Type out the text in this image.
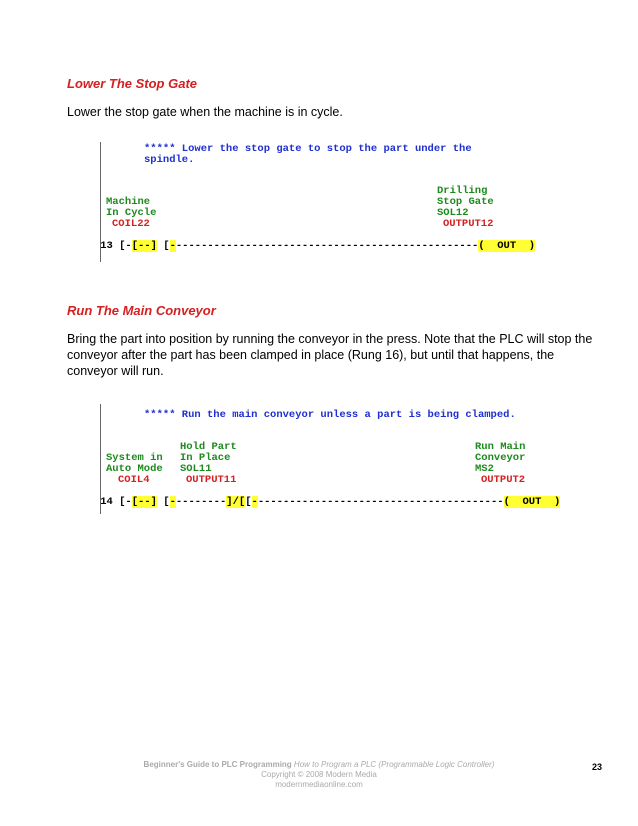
Lower The Stop Gate

Lower the stop gate when the machine is in cycle.

***** Lower the stop gate to stop the part under the
spindle.
Drilling
Machine	Stop Gate
In Cycle	SOL12
COIL22	OUTPUT12

13 [-[--] [-------------------------------------------------(  OUT  )

Run The Main Conveyor

Bring the part into position by running the conveyor in the press. Note that the PLC will stop the conveyor after the part has been clamped in place (Rung 16), but until that happens, the conveyor will run.

***** Run the main conveyor unless a part is being clamped.
Hold Part	Run Main
System in In Place	Conveyor
Auto Mode SOL11	MS2
COIL4	OUTPUT11	OUTPUT2

14 [-[--] [---------]/[[----------------------------------------(  OUT  )

Beginner's Guide to PLC Programming How to Program a PLC (Programmable Logic Controller)
Copyright © 2008 Modern Media
modernmediaonline.com
23
